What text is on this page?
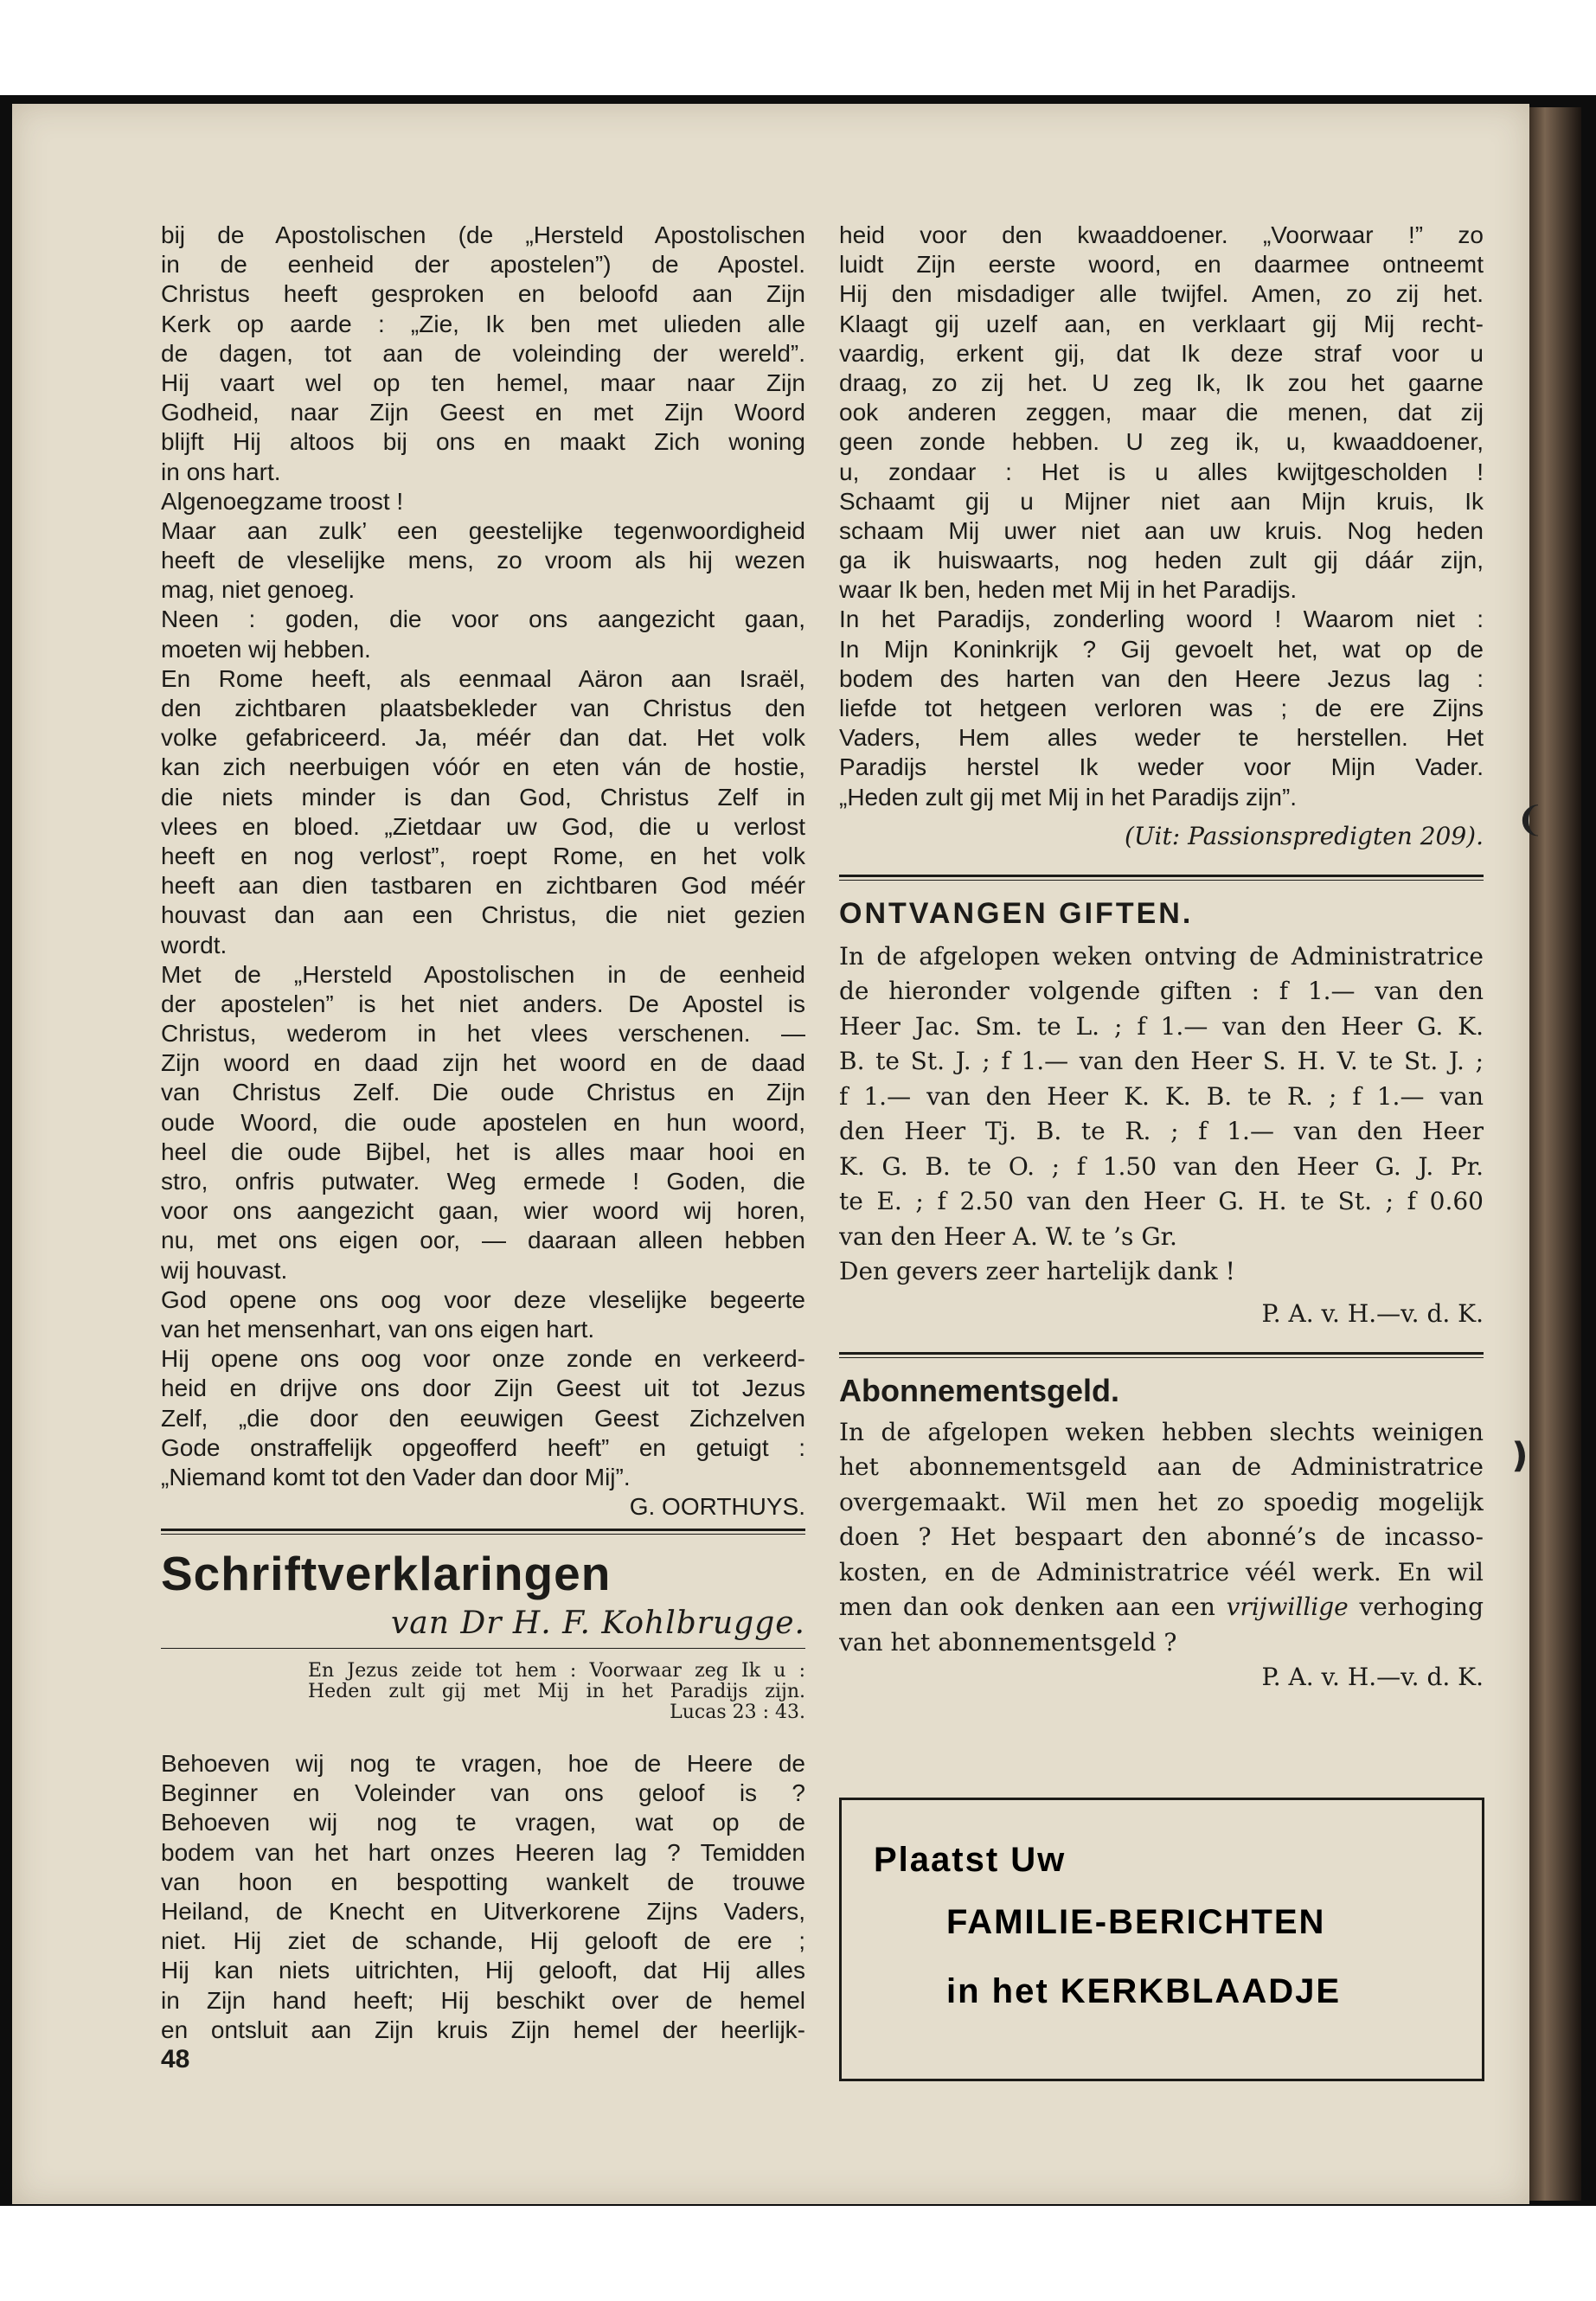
bij de Apostolischen (de „Hersteld Apostolischen

in de eenheid der apostelen”) de Apostel.

Christus heeft gesproken en beloofd aan Zijn

Kerk op aarde : „Zie, Ik ben met ulieden alle

de dagen, tot aan de voleinding der wereld”.

Hij vaart wel op ten hemel, maar naar Zijn

Godheid, naar Zijn Geest en met Zijn Woord

blijft Hij altoos bij ons en maakt Zich woning

in ons hart.

Algenoegzame troost !

Maar aan zulk’ een geestelijke tegenwoordigheid

heeft de vleselijke mens, zo vroom als hij wezen

mag, niet genoeg.

Neen : goden, die voor ons aangezicht gaan,

moeten wij hebben.

En Rome heeft, als eenmaal Aäron aan Israël,

den zichtbaren plaatsbekleder van Christus den

volke gefabriceerd. Ja, méér dan dat. Het volk

kan zich neerbuigen vóór en eten ván de hostie,

die niets minder is dan God, Christus Zelf in

vlees en bloed. „Zietdaar uw God, die u verlost

heeft en nog verlost”, roept Rome, en het volk

heeft aan dien tastbaren en zichtbaren God méér

houvast dan aan een Christus, die niet gezien

wordt.

Met de „Hersteld Apostolischen in de eenheid

der apostelen” is het niet anders. De Apostel is

Christus, wederom in het vlees verschenen. —

Zijn woord en daad zijn het woord en de daad

van Christus Zelf. Die oude Christus en Zijn

oude Woord, die oude apostelen en hun woord,

heel die oude Bijbel, het is alles maar hooi en

stro, onfris putwater. Weg ermede ! Goden, die

voor ons aangezicht gaan, wier woord wij horen,

nu, met ons eigen oor, — daaraan alleen hebben

wij houvast.

God opene ons oog voor deze vleselijke begeerte

van het mensenhart, van ons eigen hart.

Hij opene ons oog voor onze zonde en verkeerd-

heid en drijve ons door Zijn Geest uit tot Jezus

Zelf, „die door den eeuwigen Geest Zichzelven

Gode onstraffelijk opgeofferd heeft” en getuigt :

„Niemand komt tot den Vader dan door Mij”.

G. OORTHUYS.

Schriftverklaringen

van Dr H. F. Kohlbrugge.

En Jezus zeide tot hem : Voorwaar zeg Ik u :

Heden zult gij met Mij in het Paradijs zijn.

Lucas 23 : 43.

Behoeven wij nog te vragen, hoe de Heere de

Beginner en Voleinder van ons geloof is ?

Behoeven wij nog te vragen, wat op de

bodem van het hart onzes Heeren lag ? Temidden

van hoon en bespotting wankelt de trouwe

Heiland, de Knecht en Uitverkorene Zijns Vaders,

niet. Hij ziet de schande, Hij gelooft de ere ;

Hij kan niets uitrichten, Hij gelooft, dat Hij alles

in Zijn hand heeft; Hij beschikt over de hemel

en ontsluit aan Zijn kruis Zijn hemel der heerlijk-

48

heid voor den kwaaddoener. „Voorwaar !” zo

luidt Zijn eerste woord, en daarmee ontneemt

Hij den misdadiger alle twijfel. Amen, zo zij het.

Klaagt gij uzelf aan, en verklaart gij Mij recht-

vaardig, erkent gij, dat Ik deze straf voor u

draag, zo zij het. U zeg Ik, Ik zou het gaarne

ook anderen zeggen, maar die menen, dat zij

geen zonde hebben. U zeg ik, u, kwaaddoener,

u, zondaar : Het is u alles kwijtgescholden !

Schaamt gij u Mijner niet aan Mijn kruis, Ik

schaam Mij uwer niet aan uw kruis. Nog heden

ga ik huiswaarts, nog heden zult gij dáár zijn,

waar Ik ben, heden met Mij in het Paradijs.

In het Paradijs, zonderling woord ! Waarom niet :

In Mijn Koninkrijk ? Gij gevoelt het, wat op de

bodem des harten van den Heere Jezus lag :

liefde tot hetgeen verloren was ; de ere Zijns

Vaders, Hem alles weder te herstellen. Het

Paradijs herstel Ik weder voor Mijn Vader.

„Heden zult gij met Mij in het Paradijs zijn”.

(Uit: Passionspredigten 209).

ONTVANGEN GIFTEN.

In de afgelopen weken ontving de Administratrice

de hieronder volgende giften : f 1.— van den

Heer Jac. Sm. te L. ; f 1.— van den Heer G. K.

B. te St. J. ; f 1.— van den Heer S. H. V. te St. J. ;

f 1.— van den Heer K. K. B. te R. ; f 1.— van

den Heer Tj. B. te R. ; f 1.— van den Heer

K. G. B. te O. ; f 1.50 van den Heer G. J. Pr.

te E. ; f 2.50 van den Heer G. H. te St. ; f 0.60

van den Heer A. W. te ’s Gr.

Den gevers zeer hartelijk dank !

P. A. v. H.—v. d. K.

Abonnementsgeld.

In de afgelopen weken hebben slechts weinigen

het abonnementsgeld aan de Administratrice

overgemaakt. Wil men het zo spoedig mogelijk

doen ? Het bespaart den abonné’s de incasso-

kosten, en de Administratrice véél werk. En wil

men dan ook denken aan een vrijwillige verhoging

van het abonnementsgeld ?

P. A. v. H.—v. d. K.

Plaatst Uw
FAMILIE-BERICHTEN
in het KERKBLAADJE
❨
❫
